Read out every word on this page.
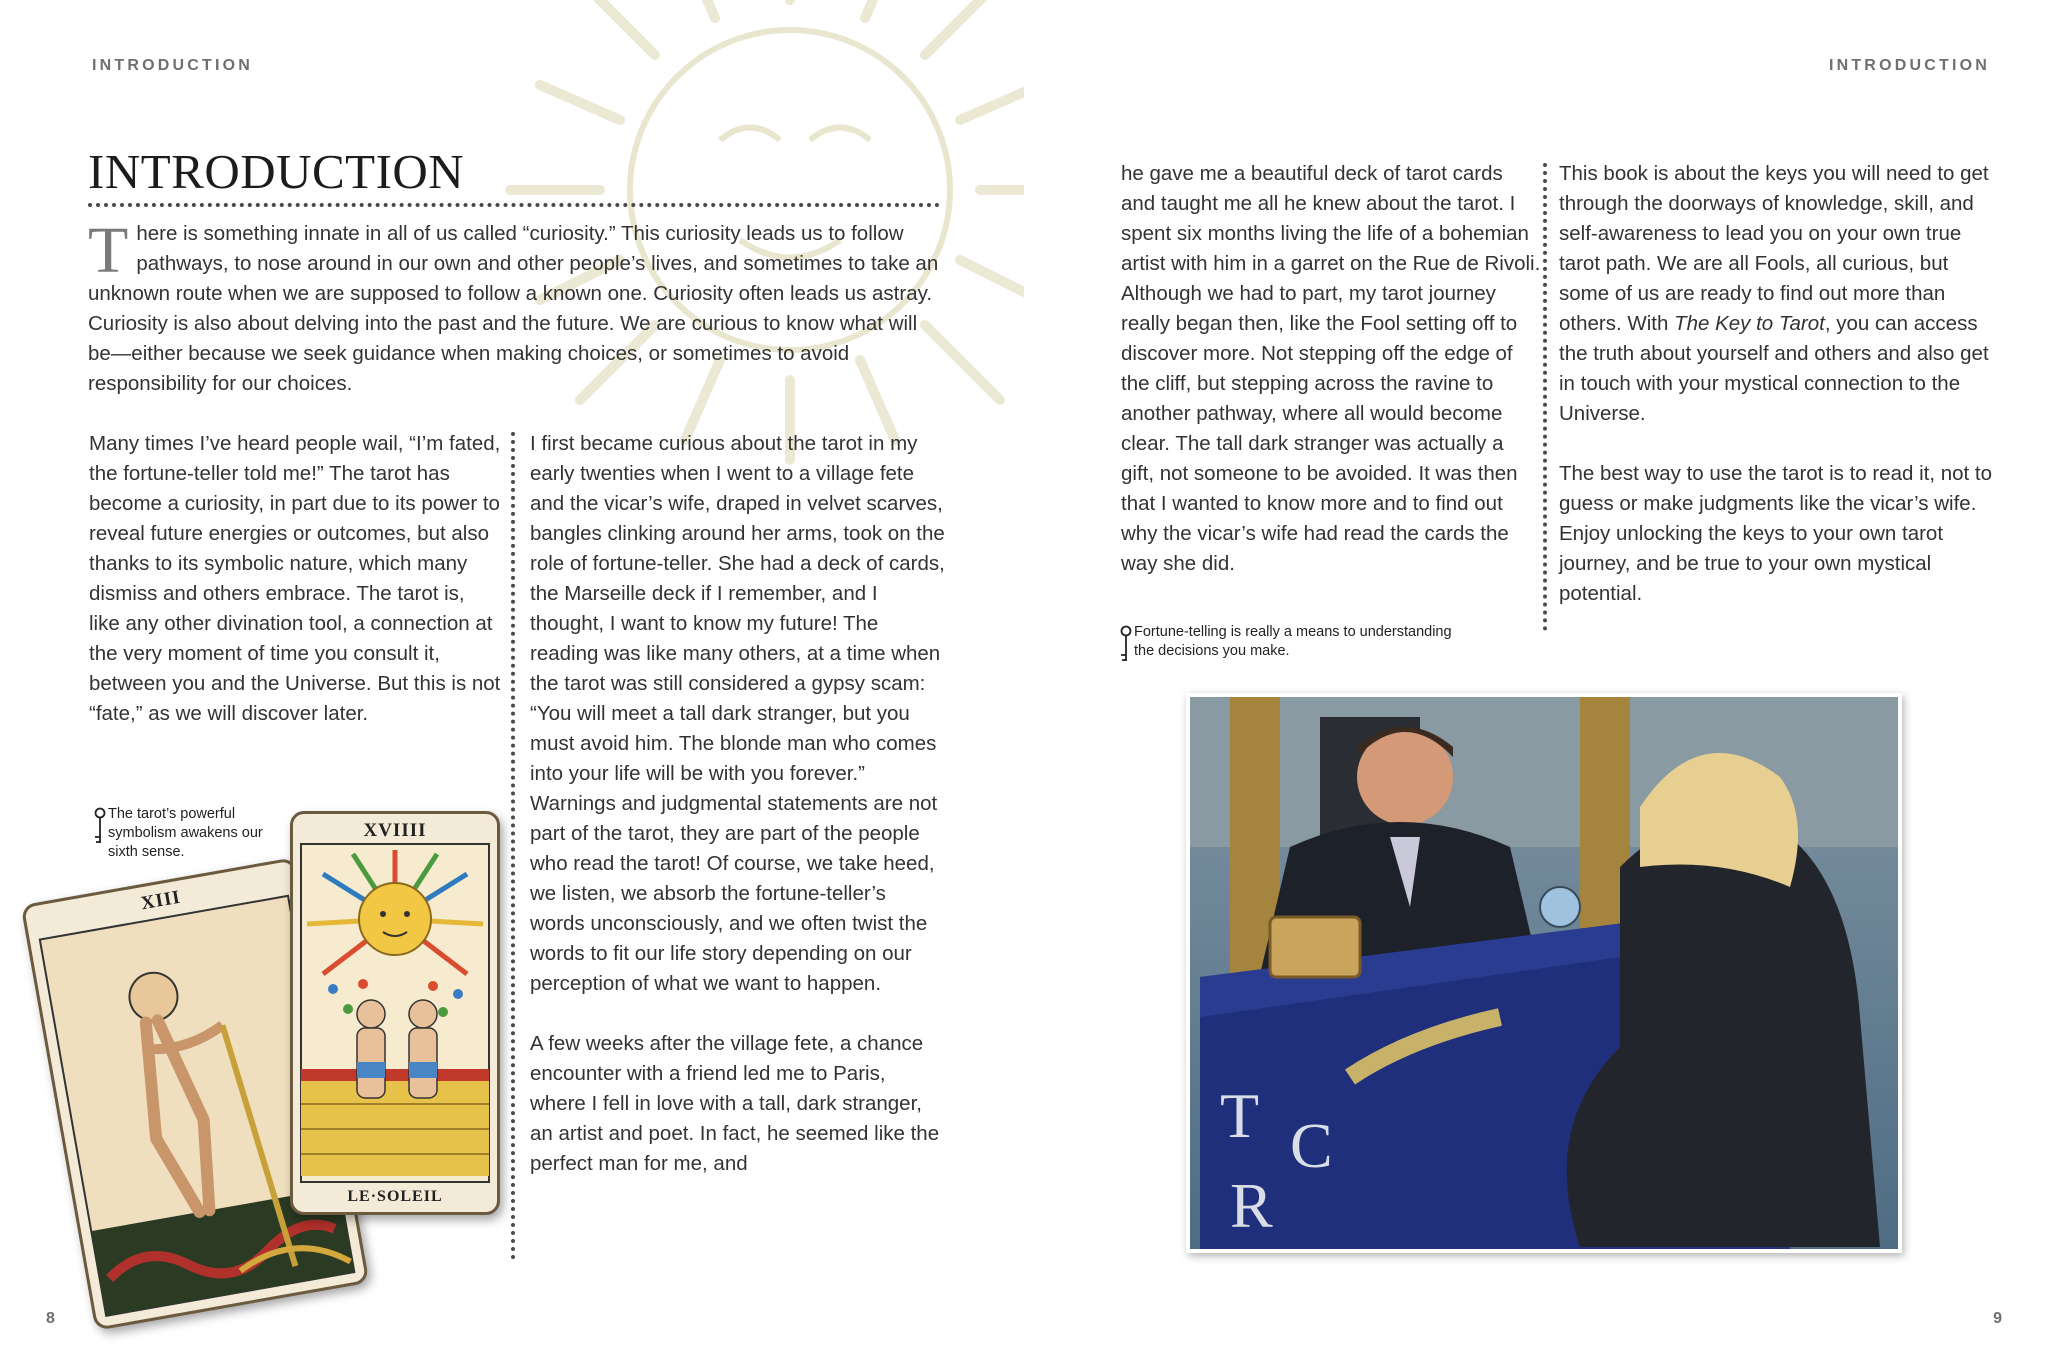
INTRODUCTION
INTRODUCTION

There is something innate in all of us called “curiosity.” This curiosity leads us to follow pathways, to nose around in our own and other people’s lives, and sometimes to take an unknown route when we are supposed to follow a known one. Curiosity often leads us astray. Curiosity is also about delving into the past and the future. We are curious to know what will be—either because we seek guidance when making choices, or sometimes to avoid responsibility for our choices.

Many times I’ve heard people wail, “I’m fated, the fortune-teller told me!” The tarot has become a curiosity, in part due to its power to reveal future energies or outcomes, but also thanks to its symbolic nature, which many dismiss and others embrace. The tarot is, like any other divination tool, a connection at the very moment of time you consult it, between you and the Universe. But this is not “fate,” as we will discover later.

I first became curious about the tarot in my early twenties when I went to a village fete and the vicar’s wife, draped in velvet scarves, bangles clinking around her arms, took on the role of fortune-teller. She had a deck of cards, the Marseille deck if I remember, and I thought, I want to know my future! The reading was like many others, at a time when the tarot was still considered a gypsy scam: “You will meet a tall dark stranger, but you must avoid him. The blonde man who comes into your life will be with you forever.” Warnings and judgmental statements are not part of the tarot, they are part of the people who read the tarot! Of course, we take heed, we listen, we absorb the fortune-teller’s words unconsciously, and we often twist the words to fit our life story depending on our perception of what we want to happen.

A few weeks after the village fete, a chance encounter with a friend led me to Paris, where I fell in love with a tall, dark stranger, an artist and poet. In fact, he seemed like the perfect man for me, and

The tarot’s powerful symbolism awakens our sixth sense.
XIII
XVIIII
LE·SOLEIL
8
INTRODUCTION

he gave me a beautiful deck of tarot cards and taught me all he knew about the tarot. I spent six months living the life of a bohemian artist with him in a garret on the Rue de Rivoli. Although we had to part, my tarot journey really began then, like the Fool setting off to discover more. Not stepping off the edge of the cliff, but stepping across the ravine to another pathway, where all would become clear. The tall dark stranger was actually a gift, not someone to be avoided. It was then that I wanted to know more and to find out why the vicar’s wife had read the cards the way she did.

This book is about the keys you will need to get through the doorways of knowledge, skill, and self-awareness to lead you on your own true tarot path. We are all Fools, all curious, but some of us are ready to find out more than others. With The Key to Tarot, you can access the truth about yourself and others and also get in touch with your mystical connection to the Universe.

The best way to use the tarot is to read it, not to guess or make judgments like the vicar’s wife. Enjoy unlocking the keys to your own tarot journey, and be true to your own mystical potential.

Fortune-telling is really a means to understanding the decisions you make.
T C
R
9
